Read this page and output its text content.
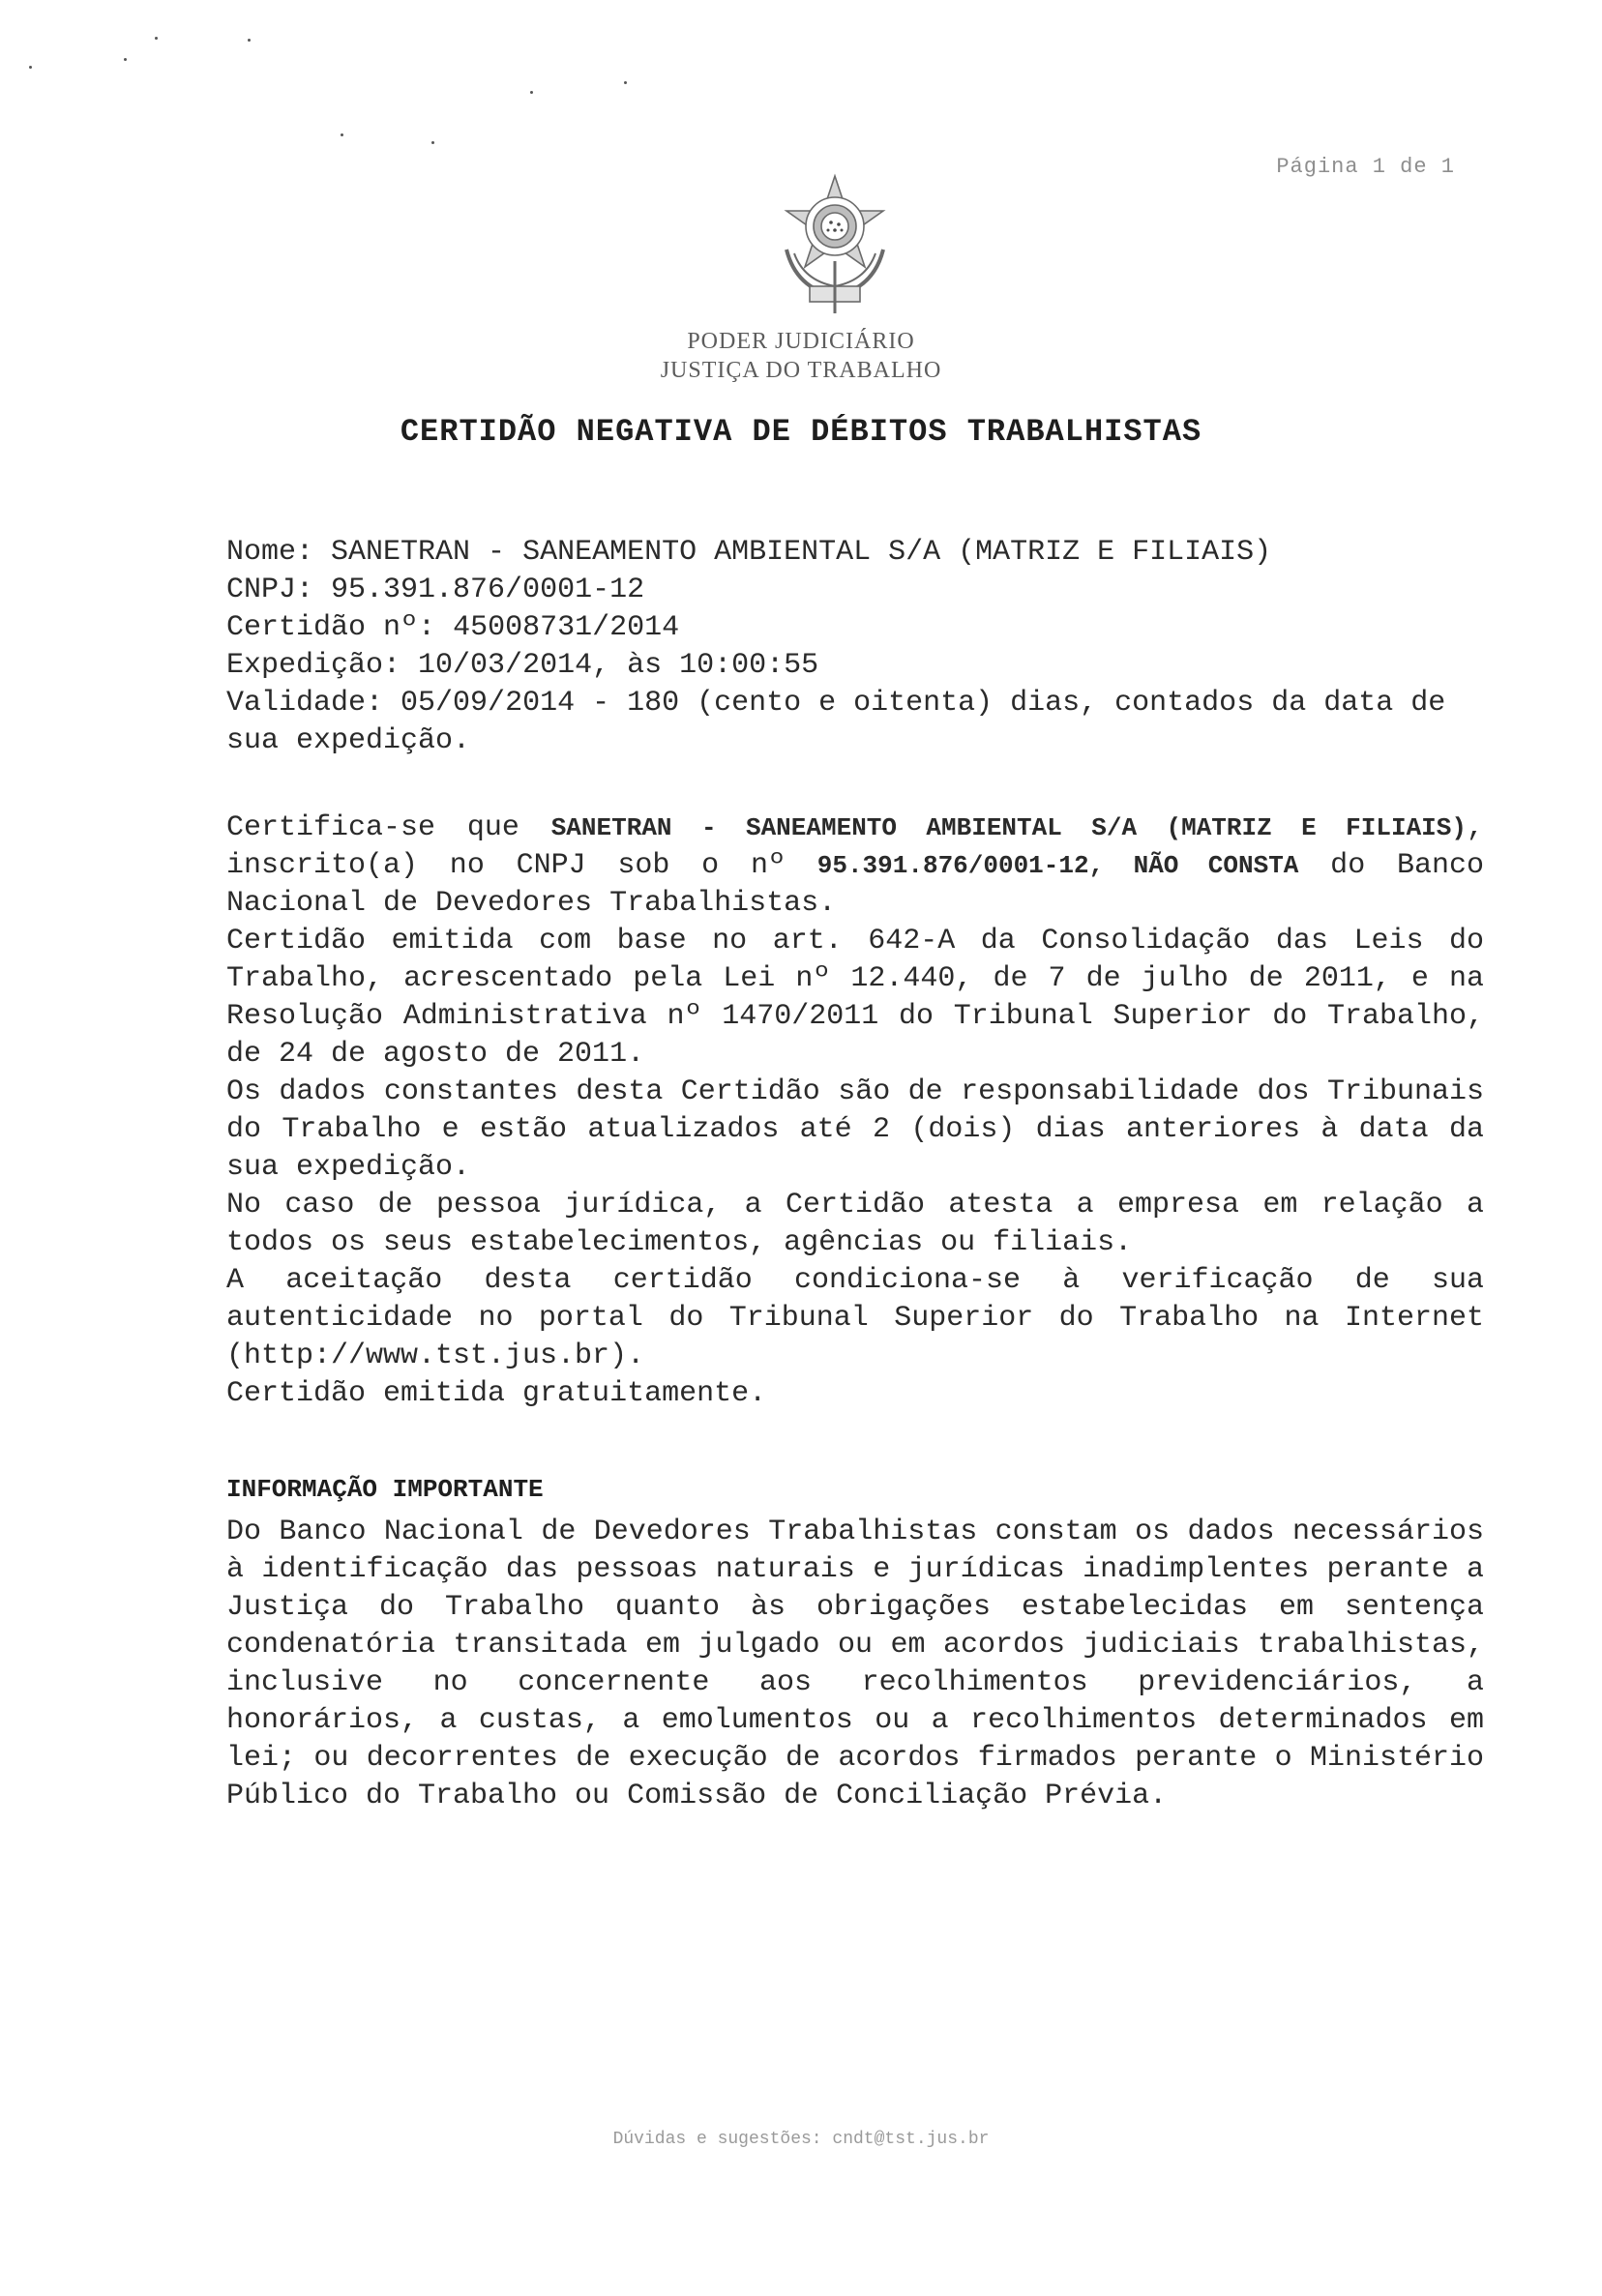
Página 1 de 1
PODER JUDICIÁRIO
JUSTIÇA DO TRABALHO
CERTIDÃO NEGATIVA DE DÉBITOS TRABALHISTAS

Nome : SANETRAN - SANEAMENTO AMBIENTAL S/A (MATRIZ E FILIAIS)

CNPJ : 95.391.876/0001-12

Certidão nº : 45008731/2014

Expedição : 10/03/2014, às 10:00:55

Validade : 05/09/2014 - 180 (cento e oitenta) dias, contados da data de sua expedição.

Certifica-se que SANETRAN - SANEAMENTO AMBIENTAL S/A (MATRIZ E FILIAIS), inscrito(a) no CNPJ sob o nº 95.391.876/0001-12, NÃO CONSTA do Banco Nacional de Devedores Trabalhistas.

Certidão emitida com base no art. 642-A da Consolidação das Leis do Trabalho, acrescentado pela Lei nº 12.440, de 7 de julho de 2011, e na Resolução Administrativa nº 1470/2011 do Tribunal Superior do Trabalho, de 24 de agosto de 2011.

Os dados constantes desta Certidão são de responsabilidade dos Tribunais do Trabalho e estão atualizados até 2 (dois) dias anteriores à data da sua expedição.

No caso de pessoa jurídica, a Certidão atesta a empresa em relação a todos os seus estabelecimentos, agências ou filiais.

A aceitação desta certidão condiciona-se à verificação de sua autenticidade no portal do Tribunal Superior do Trabalho na Internet (http://www.tst.jus.br).

Certidão emitida gratuitamente.

INFORMAÇÃO IMPORTANTE

Do Banco Nacional de Devedores Trabalhistas constam os dados necessários à identificação das pessoas naturais e jurídicas inadimplentes perante a Justiça do Trabalho quanto às obrigações estabelecidas em sentença condenatória transitada em julgado ou em acordos judiciais trabalhistas, inclusive no concernente aos recolhimentos previdenciários, a honorários, a custas, a emolumentos ou a recolhimentos determinados em lei; ou decorrentes de execução de acordos firmados perante o Ministério Público do Trabalho ou Comissão de Conciliação Prévia.

Dúvidas e sugestões: cndt@tst.jus.br
